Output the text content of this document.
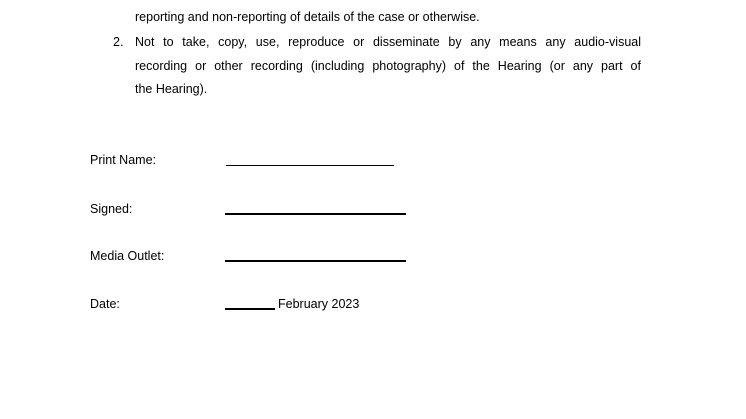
reporting and non-reporting of details of the case or otherwise.
2. Not to take, copy, use, reproduce or disseminate by any means any audio-visual
recording or other recording (including photography) of the Hearing (or any part of
the Hearing).
Print Name:
Signed:
Media Outlet:
Date:	February 2023
